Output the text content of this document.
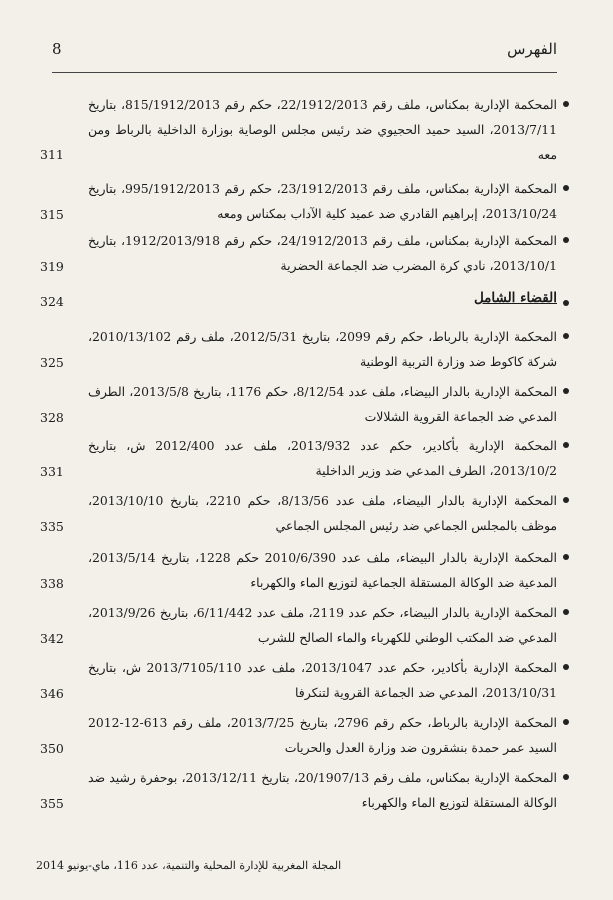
8	الفهرس
المحكمة الإدارية بمكناس، ملف رقم 22/1912/2013، حكم رقم 815/1912/2013، بتاريخ 2013/7/11، السيد حميد الحجيوي ضد رئيس مجلس الوصاية بوزارة الداخلية بالرباط ومن معه
311
المحكمة الإدارية بمكناس، ملف رقم 23/1912/2013، حكم رقم 995/1912/2013، بتاريخ 2013/10/24، إبراهيم القادري ضد عميد كلية الآداب بمكناس ومعه
315
المحكمة الإدارية بمكناس، ملف رقم 24/1912/2013، حكم رقم 1912/2013/918، بتاريخ 2013/10/1، نادي كرة المضرب ضد الجماعة الحضرية
319
القضاء الشامل
324
المحكمة الإدارية بالرباط، حكم رقم 2099، بتاريخ 2012/5/31، ملف رقم 2010/13/102، شركة كاكوط ضد وزارة التربية الوطنية
325
المحكمة الإدارية بالدار البيضاء، ملف عدد 8/12/54، حكم 1176، بتاريخ 2013/5/8، الطرف المدعي ضد الجماعة القروية الشلالات
328
المحكمة الإدارية بأكادير، حكم عدد 2013/932، ملف عدد 2012/400 ش، بتاريخ 2013/10/2، الطرف المدعي ضد وزير الداخلية
331
المحكمة الإدارية بالدار البيضاء، ملف عدد 8/13/56، حكم 2210، بتاريخ 2013/10/10، موظف بالمجلس الجماعي ضد رئيس المجلس الجماعي
335
المحكمة الإدارية بالدار البيضاء، ملف عدد 2010/6/390 حكم 1228، بتاريخ 2013/5/14، المدعية ضد الوكالة المستقلة الجماعية لتوزيع الماء والكهرباء
338
المحكمة الإدارية بالدار البيضاء، حكم عدد 2119، ملف عدد 6/11/442، بتاريخ 2013/9/26، المدعي ضد المكتب الوطني للكهرباء والماء الصالح للشرب
342
المحكمة الإدارية بأكادير، حكم عدد 2013/1047، ملف عدد 2013/7105/110 ش، بتاريخ 2013/10/31، المدعي ضد الجماعة القروية لتنكرفا
346
المحكمة الإدارية بالرباط، حكم رقم 2796، بتاريخ 2013/7/25، ملف رقم 613-12-2012 السيد عمر حمدة بنشقرون ضد وزارة العدل والحريات
350
المحكمة الإدارية بمكناس، ملف رقم 20/1907/13، بتاريخ 2013/12/11، بوحفرة رشيد ضد الوكالة المستقلة لتوزيع الماء والكهرباء
355
المجلة المغربية للإدارة المحلية والتنمية، عدد 116، ماي-يونيو 2014
